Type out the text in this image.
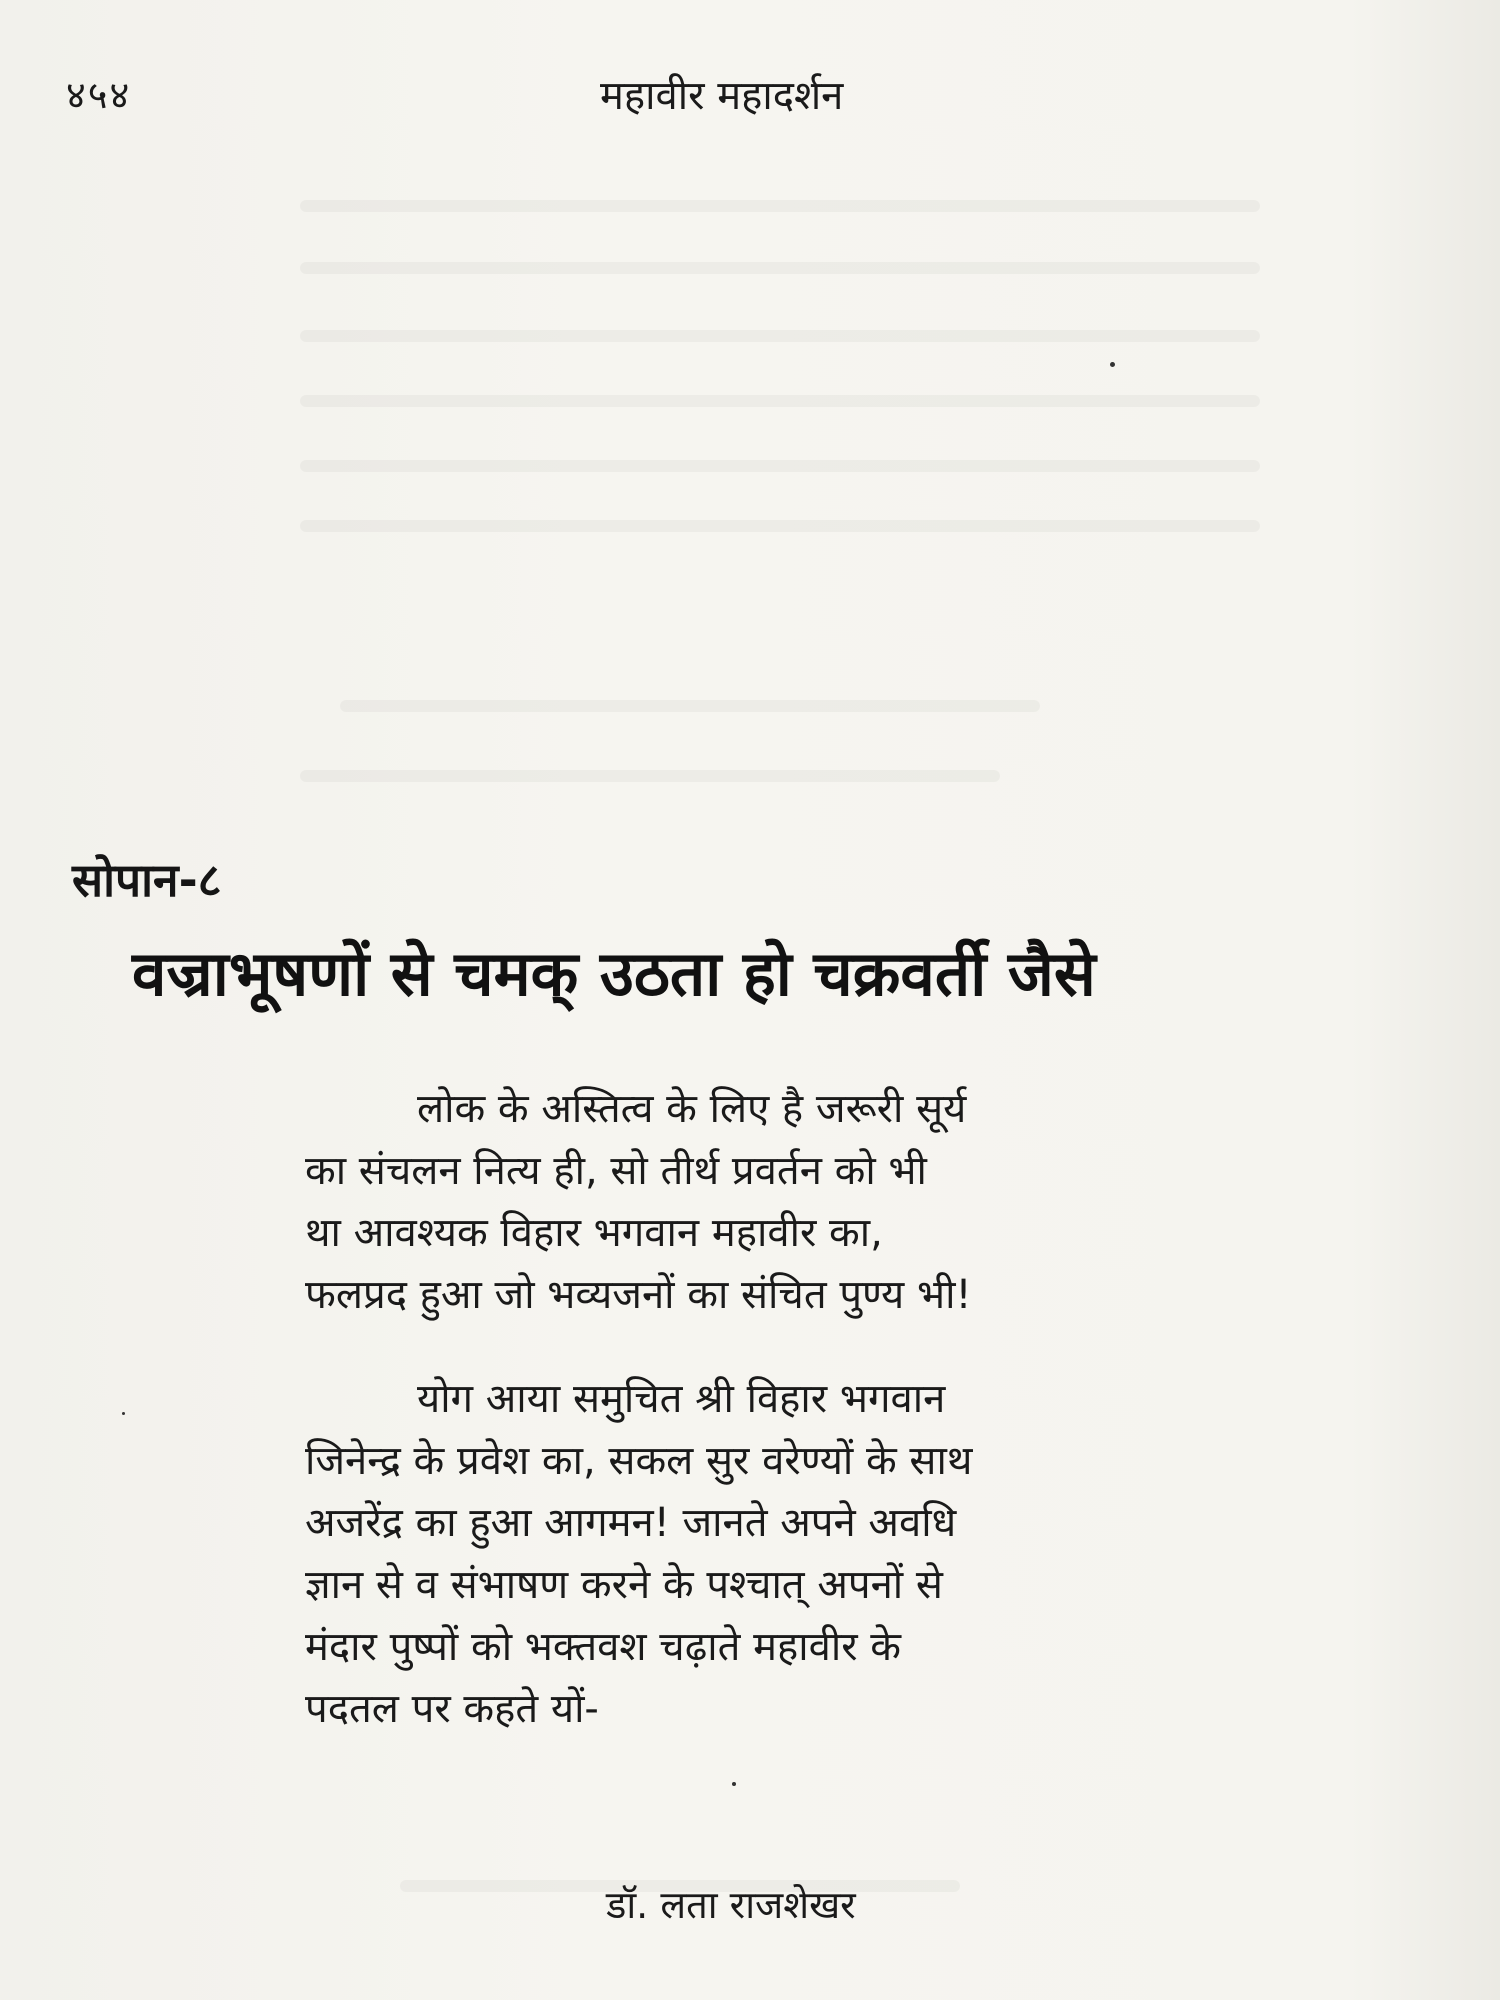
४५४	महावीर महादर्शन
सोपान-८
वज्राभूषणों से चमक् उठता हो चक्रवर्ती जैसे
लोक के अस्तित्व के लिए है जरूरी सूर्य
का संचलन नित्य ही, सो तीर्थ प्रवर्तन को भी
था आवश्यक विहार भगवान महावीर का,
फलप्रद हुआ जो भव्यजनों का संचित पुण्य भी!
योग आया समुचित श्री विहार भगवान
जिनेन्द्र के प्रवेश का, सकल सुर वरेण्यों के साथ
अजरेंद्र का हुआ आगमन! जानते अपने अवधि
ज्ञान से व संभाषण करने के पश्चात् अपनों से
मंदार पुष्पों को भक्तवश चढ़ाते महावीर के
पदतल पर कहते यों-
डॉ. लता राजशेखर
